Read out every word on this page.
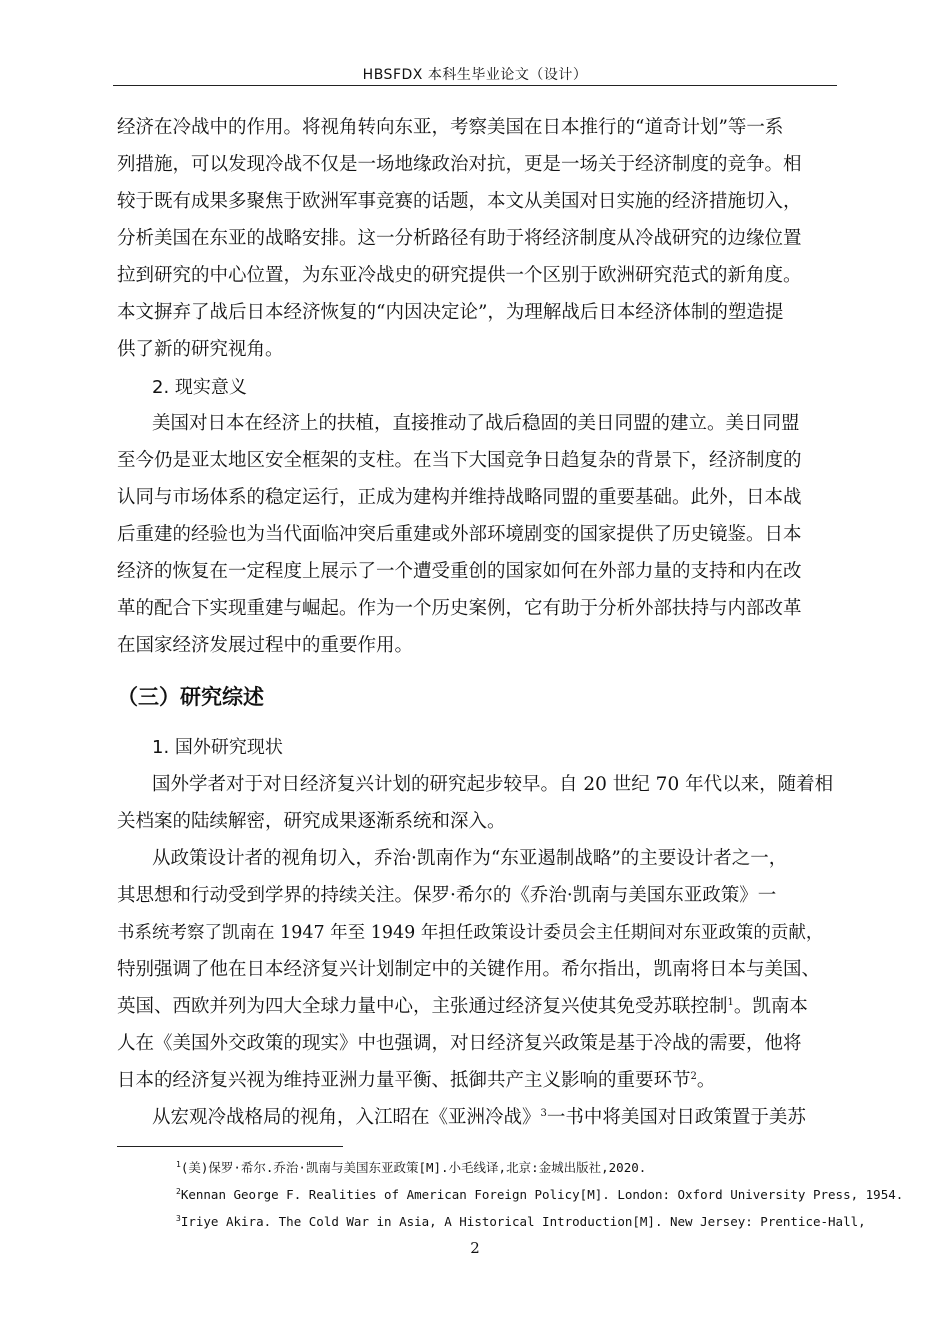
HBSFDX 本科生毕业论文（设计）
经济在冷战中的作用。将视角转向东亚，考察美国在日本推行的“道奇计划”等一系
列措施，可以发现冷战不仅是一场地缘政治对抗，更是一场关于经济制度的竞争。相
较于既有成果多聚焦于欧洲军事竞赛的话题，本文从美国对日实施的经济措施切入，
分析美国在东亚的战略安排。这一分析路径有助于将经济制度从冷战研究的边缘位置
拉到研究的中心位置，为东亚冷战史的研究提供一个区别于欧洲研究范式的新角度。
本文摒弃了战后日本经济恢复的“内因决定论”，为理解战后日本经济体制的塑造提
供了新的研究视角。
2. 现实意义
美国对日本在经济上的扶植，直接推动了战后稳固的美日同盟的建立。美日同盟
至今仍是亚太地区安全框架的支柱。在当下大国竞争日趋复杂的背景下，经济制度的
认同与市场体系的稳定运行，正成为建构并维持战略同盟的重要基础。此外，日本战
后重建的经验也为当代面临冲突后重建或外部环境剧变的国家提供了历史镜鉴。日本
经济的恢复在一定程度上展示了一个遭受重创的国家如何在外部力量的支持和内在改
革的配合下实现重建与崛起。作为一个历史案例，它有助于分析外部扶持与内部改革
在国家经济发展过程中的重要作用。
（三）研究综述
1. 国外研究现状
国外学者对于对日经济复兴计划的研究起步较早。自 20 世纪 70 年代以来，随着相
关档案的陆续解密，研究成果逐渐系统和深入。
从政策设计者的视角切入，乔治·凯南作为“东亚遏制战略”的主要设计者之一，
其思想和行动受到学界的持续关注。保罗·希尔的《乔治·凯南与美国东亚政策》一
书系统考察了凯南在 1947 年至 1949 年担任政策设计委员会主任期间对东亚政策的贡献，
特别强调了他在日本经济复兴计划制定中的关键作用。希尔指出，凯南将日本与美国、
英国、西欧并列为四大全球力量中心，主张通过经济复兴使其免受苏联控制$^1$。凯南本
人在《美国外交政策的现实》中也强调，对日经济复兴政策是基于冷战的需要，他将
日本的经济复兴视为维持亚洲力量平衡、抵御共产主义影响的重要环节$^2$。
从宏观冷战格局的视角，入江昭在《亚洲冷战》$^3$一书中将美国对日政策置于美苏
$^1$(美)保罗·希尔.乔治·凯南与美国东亚政策[M].小毛线译,北京:金城出版社,2020.
$^2$Kennan George F. Realities of American Foreign Policy[M]. London: Oxford University Press, 1954.
$^3$Iriye Akira. The Cold War in Asia, A Historical Introduction[M]. New Jersey: Prentice-Hall,
2
